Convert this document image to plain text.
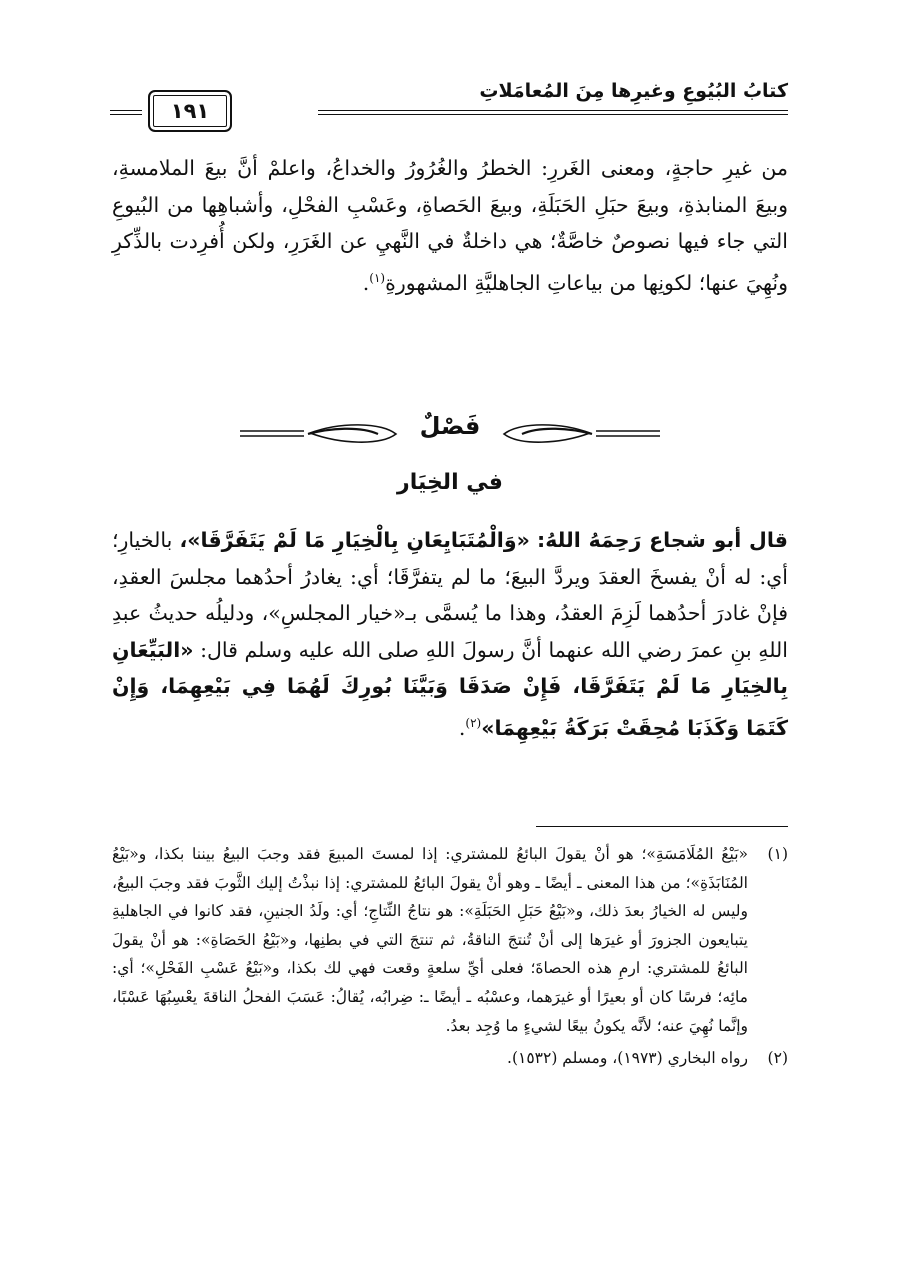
كتابُ البُيُوعِ وغيرِها مِنَ المُعامَلاتِ
١٩١

من غيرِ حاجةٍ، ومعنى الغَررِ: الخطرُ والغُرُورُ والخداعُ، واعلمْ أنَّ بيعَ الملامسةِ، وبيعَ المنابذةِ، وبيعَ حبَلِ الحَبَلَةِ، وبيعَ الحَصاةِ، وعَسْبِ الفحْلِ، وأشباهِها من البُيوعِ التي جاء فيها نصوصٌ خاصَّةٌ؛ هي داخلةٌ في النَّهيِ عن الغَرَرِ، ولكن أُفرِدت بالذِّكرِ ونُهِيَ عنها؛ لكونِها من بياعاتِ الجاهليَّةِ المشهورةِ$^{(١)}$.

فَصْلٌ
في الخِيَار

قال أبو شجاع رَحِمَهُ اللهُ: «وَالْمُتَبَايِعَانِ بِالْخِيَارِ مَا لَمْ يَتَفَرَّقَا»، بالخيارِ؛ أي: له أنْ يفسخَ العقدَ ويردَّ البيعَ؛ ما لم يتفرَّقَا؛ أي: يغادرُ أحدُهما مجلسَ العقدِ، فإنْ غادرَ أحدُهما لَزِمَ العقدُ، وهذا ما يُسمَّى بـ«خيار المجلسِ»، ودليلُه حديثُ عبدِ اللهِ بنِ عمرَ رضي الله عنهما أنَّ رسولَ اللهِ صلى الله عليه وسلم قال: «البَيِّعَانِ بِالخِيَارِ مَا لَمْ يَتَفَرَّقَا، فَإِنْ صَدَقَا وَبَيَّنَا بُورِكَ لَهُمَا فِي بَيْعِهِمَا، وَإِنْ كَتَمَا وَكَذَبَا مُحِقَتْ بَرَكَةُ بَيْعِهِمَا»$^{(٢)}$.

(١)
«بَيْعُ المُلَامَسَةِ»؛ هو أنْ يقولَ البائعُ للمشتري: إذا لمستَ المبيعَ فقد وجبَ البيعُ بيننا بكذا، و«بَيْعُ المُنَابَذَةِ»؛ من هذا المعنى ـ أيضًا ـ وهو أنْ يقولَ البائعُ للمشتري: إذا نبذْتُ إليك الثَّوبَ فقد وجبَ البيعُ، وليس له الخيارُ بعدَ ذلك، و«بَيْعُ حَبَلِ الحَبَلَةِ»: هو نتاجُ النِّتاجِ؛ أي: ولَدُ الجنينِ، فقد كانوا في الجاهليةِ يتبايعون الجزورَ أو غيرَها إلى أنْ تُنتجَ الناقةُ، ثم تنتجَ التي في بطنِها، و«بَيْعُ الحَصَاةِ»: هو أنْ يقولَ البائعُ للمشتري: ارمِ هذه الحصاةَ؛ فعلى أيِّ سلعةٍ وقعت فهي لك بكذا، و«بَيْعُ عَسْبِ الفَحْلِ»؛ أي: مائِه؛ فرسًا كان أو بعيرًا أو غيرَهما، وعسْبُه ـ أيضًا ـ: ضِرابُه، يُقالُ: عَسَبَ الفحلُ الناقةَ يعْسِبُهَا عَسْبًا، وإنَّما نُهِيَ عنه؛ لأنَّه يكونُ بيعًا لشيءٍ ما وُجِد بعدُ.
(٢)
رواه البخاري (١٩٧٣)، ومسلم (١٥٣٢).
